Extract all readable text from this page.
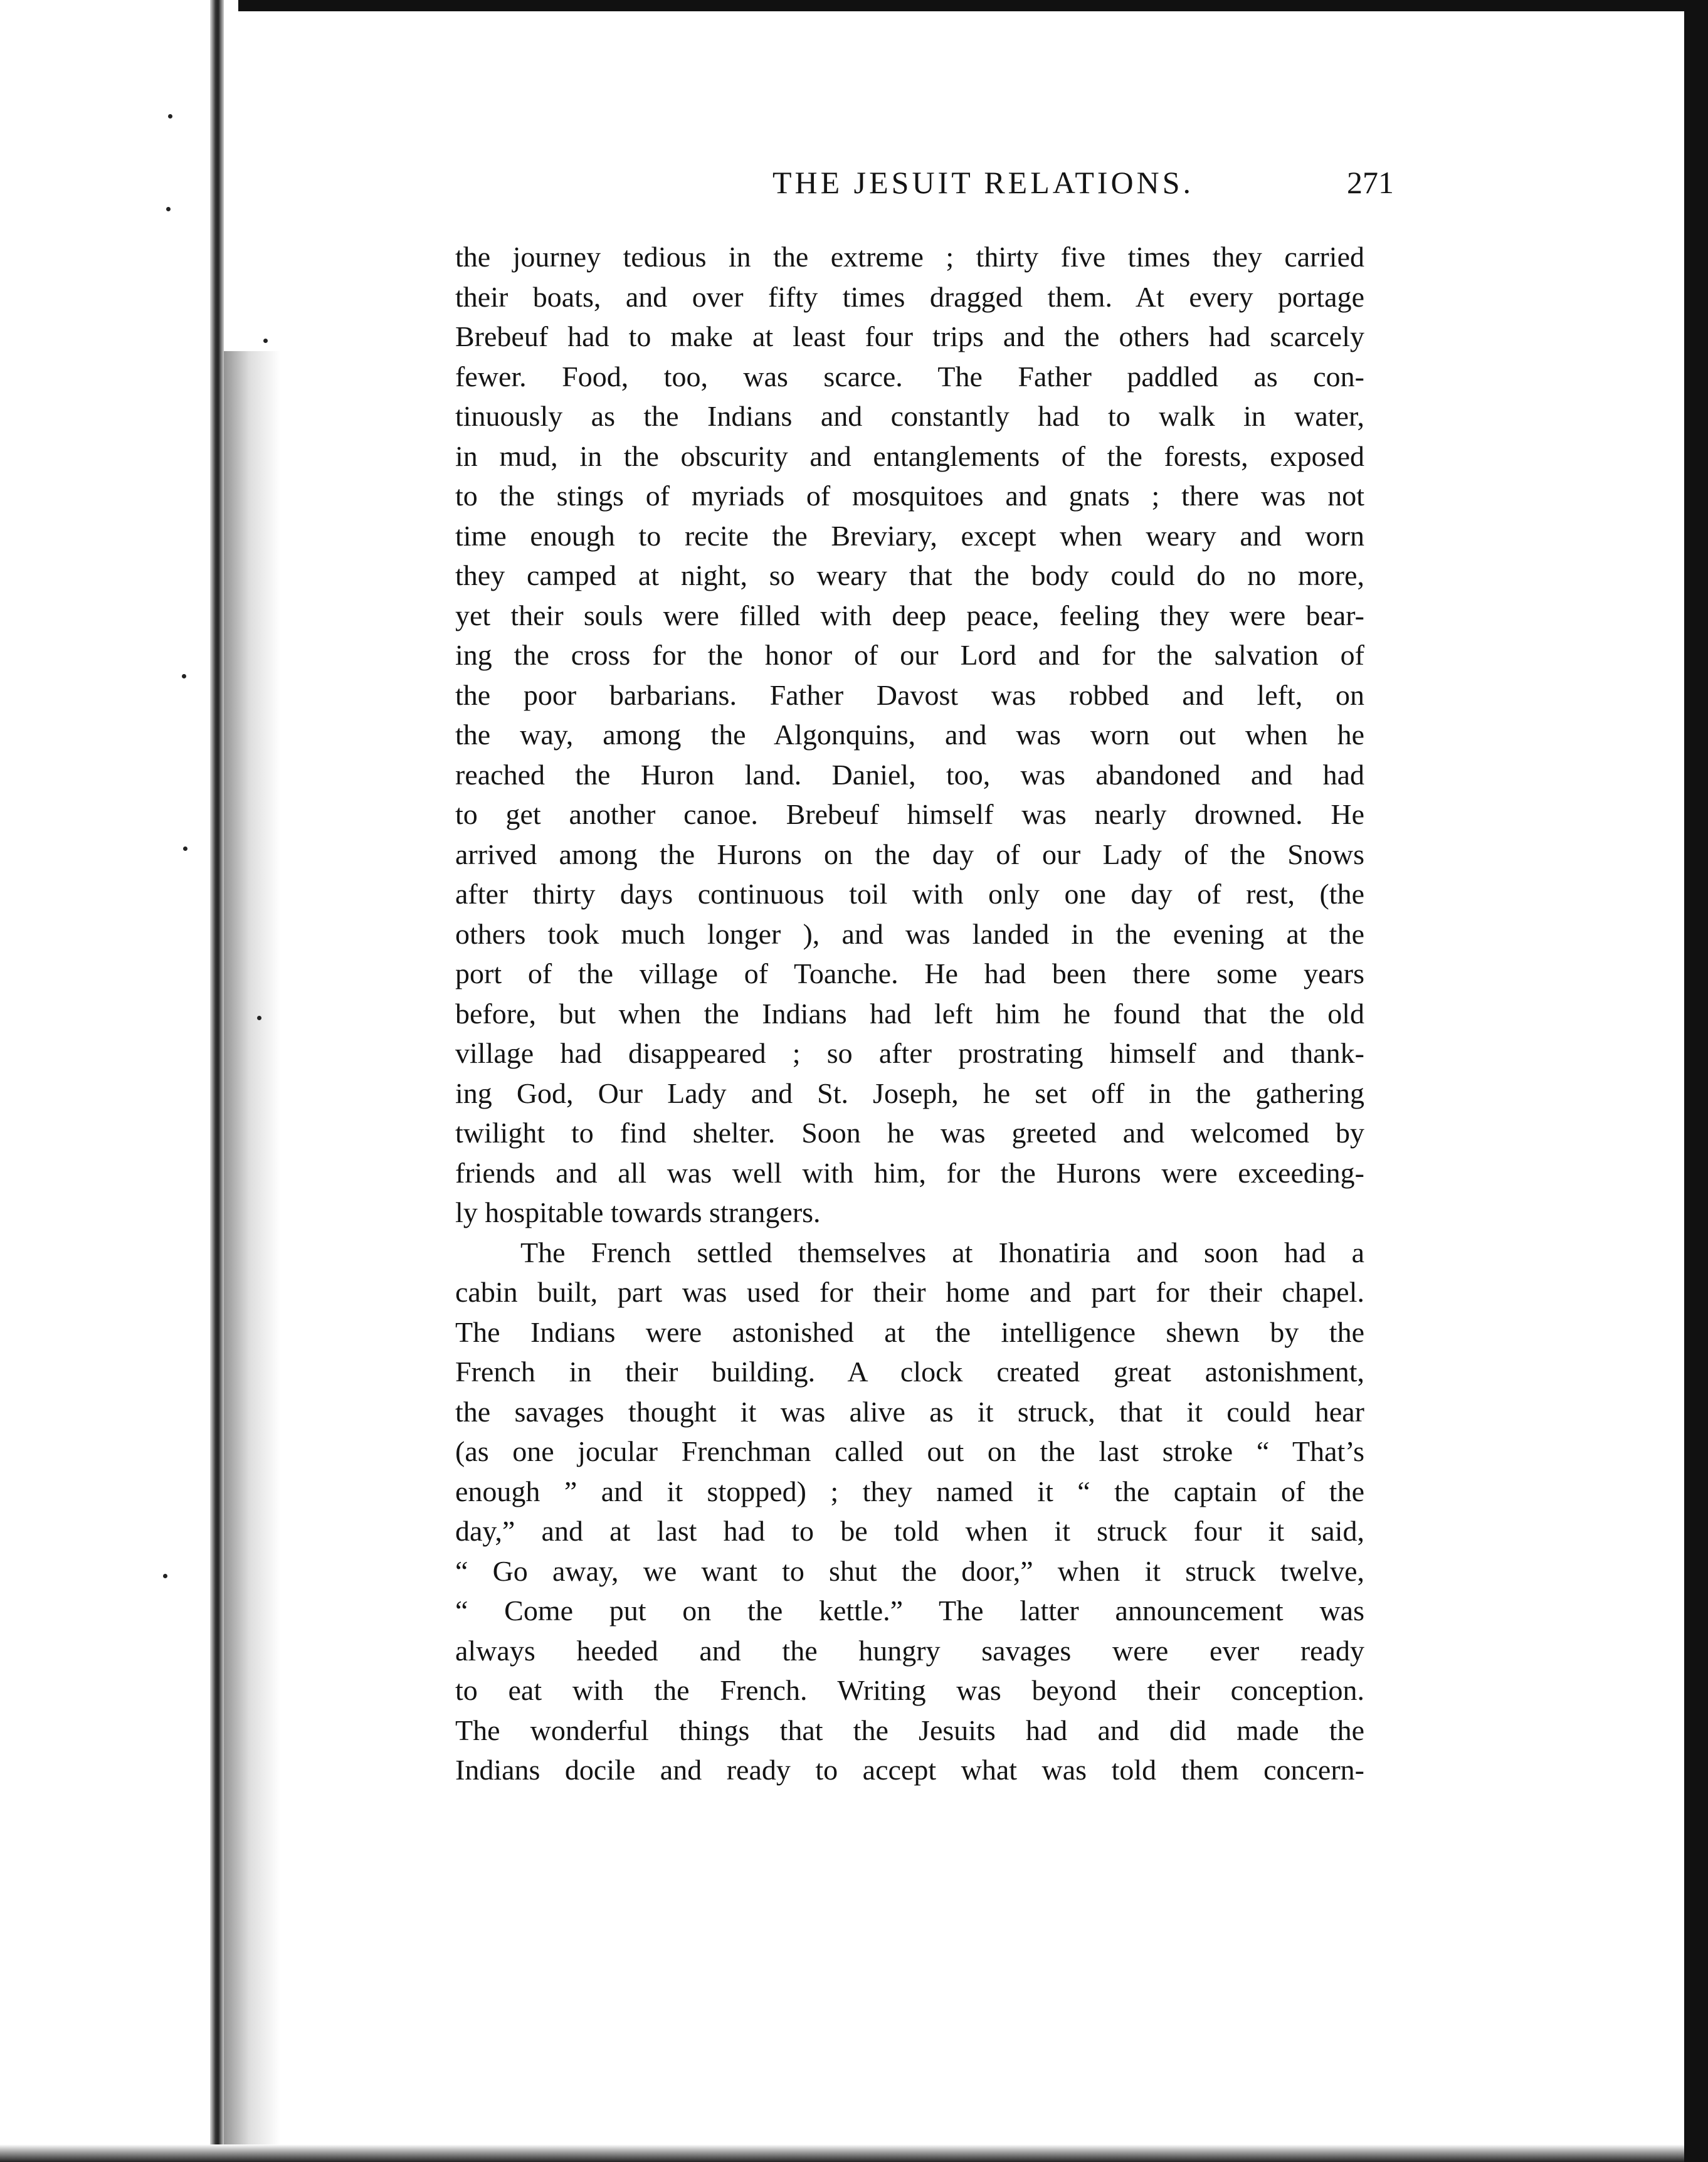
THE JESUIT RELATIONS.	271
the journey tedious in the extreme ; thirty five times they carried
their boats, and over fifty times dragged them. At every portage
Brebeuf had to make at least four trips and the others had scarcely
fewer. Food, too, was scarce. The Father paddled as con-
tinuously as the Indians and constantly had to walk in water,
in mud, in the obscurity and entanglements of the forests, exposed
to the stings of myriads of mosquitoes and gnats ; there was not
time enough to recite the Breviary, except when weary and worn
they camped at night, so weary that the body could do no more,
yet their souls were filled with deep peace, feeling they were bear-
ing the cross for the honor of our Lord and for the salvation of
the poor barbarians. Father Davost was robbed and left, on
the way, among the Algonquins, and was worn out when he
reached the Huron land. Daniel, too, was abandoned and had
to get another canoe. Brebeuf himself was nearly drowned. He
arrived among the Hurons on the day of our Lady of the Snows
after thirty days continuous toil with only one day of rest, (the
others took much longer ), and was landed in the evening at the
port of the village of Toanche. He had been there some years
before, but when the Indians had left him he found that the old
village had disappeared ; so after prostrating himself and thank-
ing God, Our Lady and St. Joseph, he set off in the gathering
twilight to find shelter. Soon he was greeted and welcomed by
friends and all was well with him, for the Hurons were exceeding-
ly hospitable towards strangers.
The French settled themselves at Ihonatiria and soon had a
cabin built, part was used for their home and part for their chapel.
The Indians were astonished at the intelligence shewn by the
French in their building. A clock created great astonishment,
the savages thought it was alive as it struck, that it could hear
(as one jocular Frenchman called out on the last stroke “ That’s
enough ” and it stopped) ; they named it “ the captain of the
day,” and at last had to be told when it struck four it said,
“ Go away, we want to shut the door,” when it struck twelve,
“ Come put on the kettle.” The latter announcement was
always heeded and the hungry savages were ever ready
to eat with the French. Writing was beyond their conception.
The wonderful things that the Jesuits had and did made the
Indians docile and ready to accept what was told them concern-
